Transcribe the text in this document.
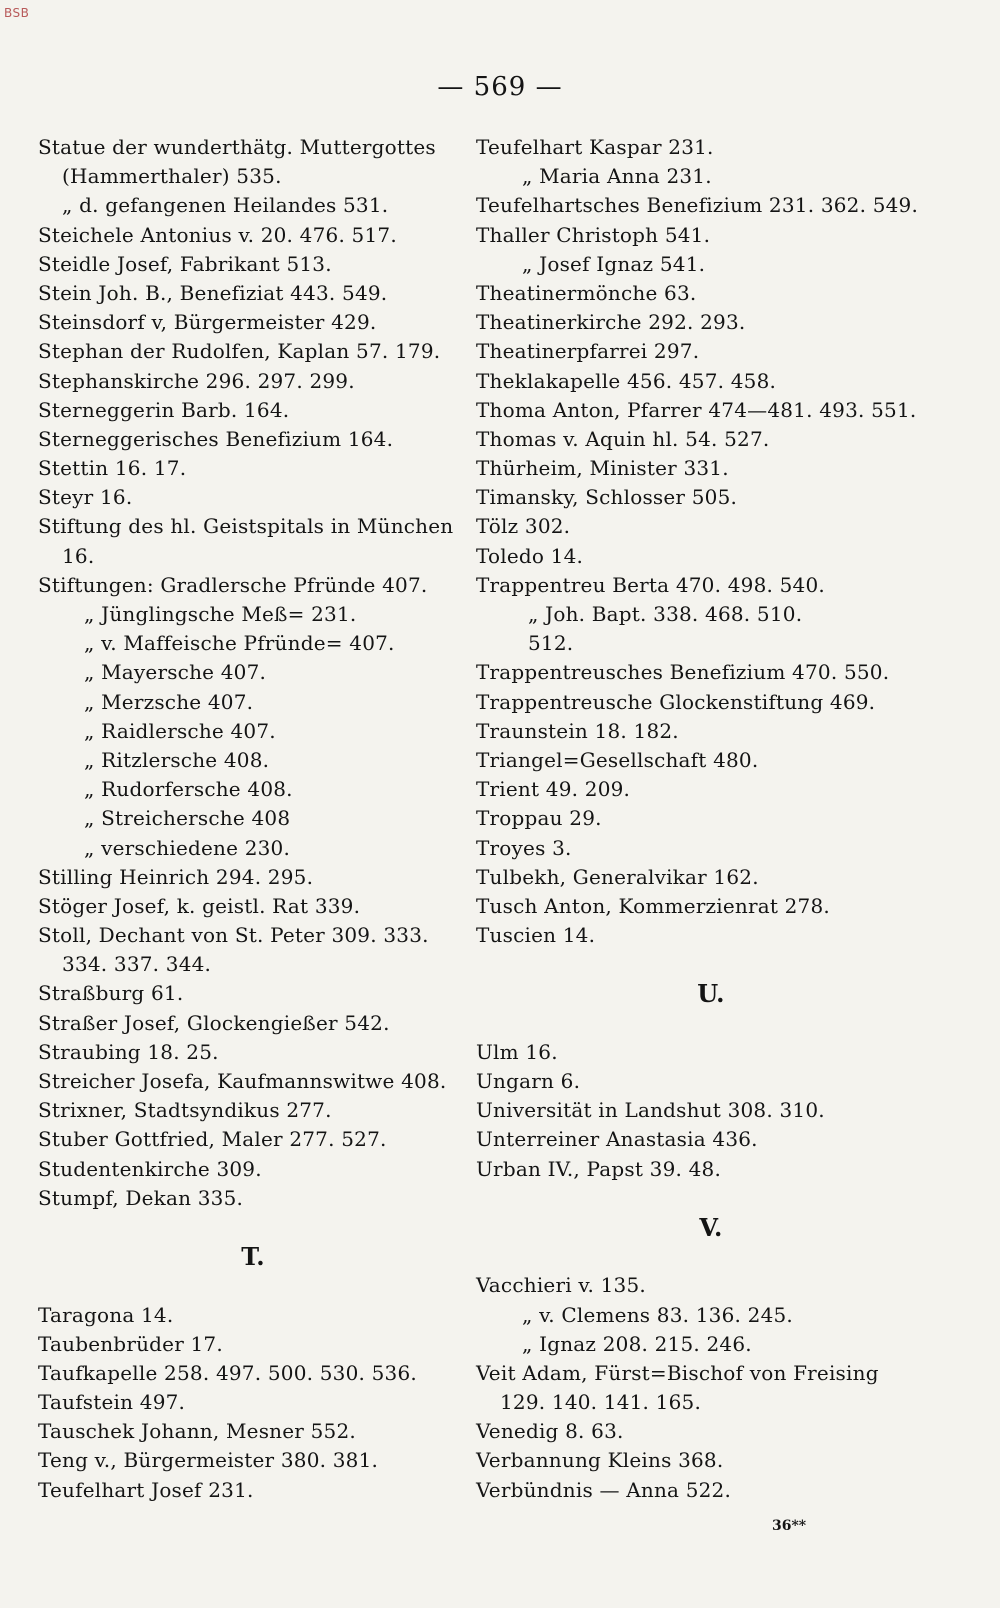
BSB
— 569 —
Statue der wunderthätg. Muttergottes
(Hammerthaler) 535.
„ d. gefangenen Heilandes 531.
Steichele Antonius v. 20. 476. 517.
Steidle Josef, Fabrikant 513.
Stein Joh. B., Benefiziat 443. 549.
Steinsdorf v, Bürgermeister 429.
Stephan der Rudolfen, Kaplan 57. 179.
Stephanskirche 296. 297. 299.
Sterneggerin Barb. 164.
Sterneggerisches Benefizium 164.
Stettin 16. 17.
Steyr 16.
Stiftung des hl. Geistspitals in München
16.
Stiftungen: Gradlersche Pfründe 407.
„ Jünglingsche Meß= 231.
„ v. Maffeische Pfründe= 407.
„ Mayersche 407.
„ Merzsche 407.
„ Raidlersche 407.
„ Ritzlersche 408.
„ Rudorfersche 408.
„ Streichersche 408
„ verschiedene 230.
Stilling Heinrich 294. 295.
Stöger Josef, k. geistl. Rat 339.
Stoll, Dechant von St. Peter 309. 333.
334. 337. 344.
Straßburg 61.
Straßer Josef, Glockengießer 542.
Straubing 18. 25.
Streicher Josefa, Kaufmannswitwe 408.
Strixner, Stadtsyndikus 277.
Stuber Gottfried, Maler 277. 527.
Studentenkirche 309.
Stumpf, Dekan 335.
T.
Taragona 14.
Taubenbrüder 17.
Taufkapelle 258. 497. 500. 530. 536.
Taufstein 497.
Tauschek Johann, Mesner 552.
Teng v., Bürgermeister 380. 381.
Teufelhart Josef 231.
Teufelhart Kaspar 231.
„ Maria Anna 231.
Teufelhartsches Benefizium 231. 362. 549.
Thaller Christoph 541.
„ Josef Ignaz 541.
Theatinermönche 63.
Theatinerkirche 292. 293.
Theatinerpfarrei 297.
Theklakapelle 456. 457. 458.
Thoma Anton, Pfarrer 474—481. 493. 551.
Thomas v. Aquin hl. 54. 527.
Thürheim, Minister 331.
Timansky, Schlosser 505.
Tölz 302.
Toledo 14.
Trappentreu Berta 470. 498. 540.
„ Joh. Bapt. 338. 468. 510.
512.
Trappentreusches Benefizium 470. 550.
Trappentreusche Glockenstiftung 469.
Traunstein 18. 182.
Triangel=Gesellschaft 480.
Trient 49. 209.
Troppau 29.
Troyes 3.
Tulbekh, Generalvikar 162.
Tusch Anton, Kommerzienrat 278.
Tuscien 14.
U.
Ulm 16.
Ungarn 6.
Universität in Landshut 308. 310.
Unterreiner Anastasia 436.
Urban IV., Papst 39. 48.
V.
Vacchieri v. 135.
„ v. Clemens 83. 136. 245.
„ Ignaz 208. 215. 246.
Veit Adam, Fürst=Bischof von Freising
129. 140. 141. 165.
Venedig 8. 63.
Verbannung Kleins 368.
Verbündnis — Anna 522.
36**
